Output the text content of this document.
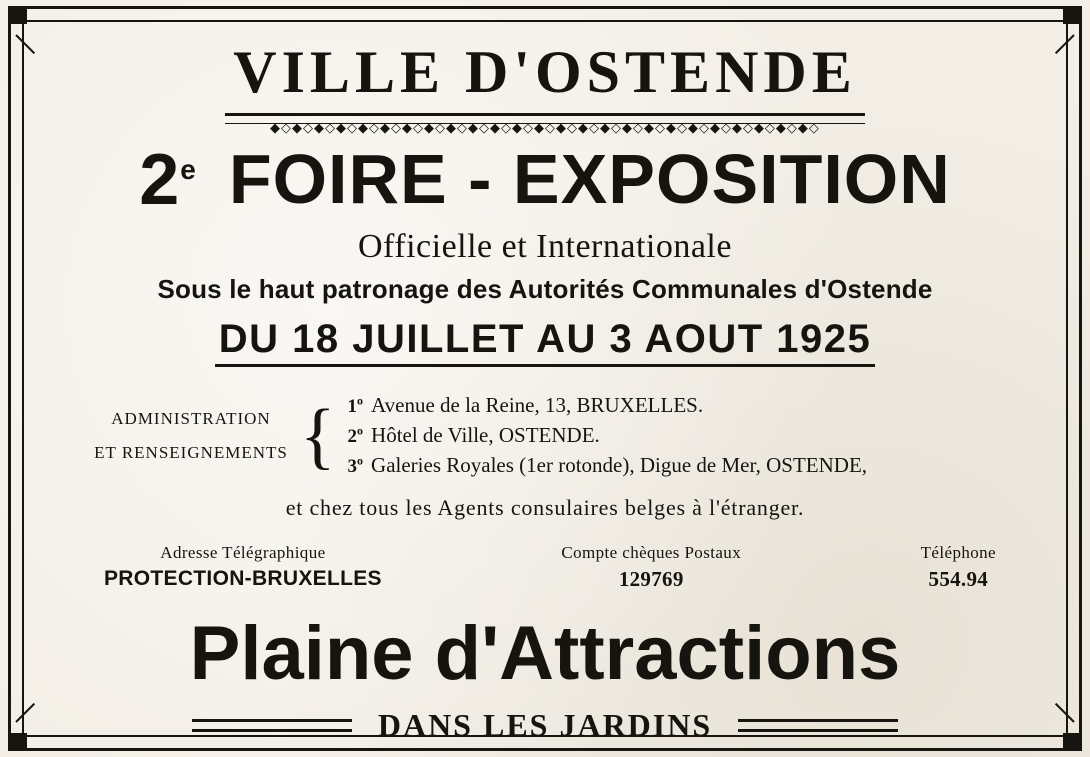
VILLE D'OSTENDE
◆◇◆◇◆◇◆◇◆◇◆◇◆◇◆◇◆◇◆◇◆◇◆◇◆◇◆◇◆◇◆◇◆◇◆◇◆◇◆◇◆◇◆◇◆◇◆◇◆◇
2e FOIRE - EXPOSITION
Officielle et Internationale
Sous le haut patronage des Autorités Communales d'Ostende
DU 18 JUILLET AU 3 AOUT 1925
ADMINISTRATION
ET RENSEIGNEMENTS { 1$^o$ Avenue de la Reine, 13, BRUXELLES.
2$^o$ Hôtel de Ville, OSTENDE.
3$^o$ Galeries Royales (1er rotonde), Digue de Mer, OSTENDE,
et chez tous les Agents consulaires belges à l'étranger.
Adresse Télégraphique
PROTECTION-BRUXELLES
Compte chèques Postaux
129769
Téléphone
554.94
Plaine d'Attractions
DANS LES JARDINS
